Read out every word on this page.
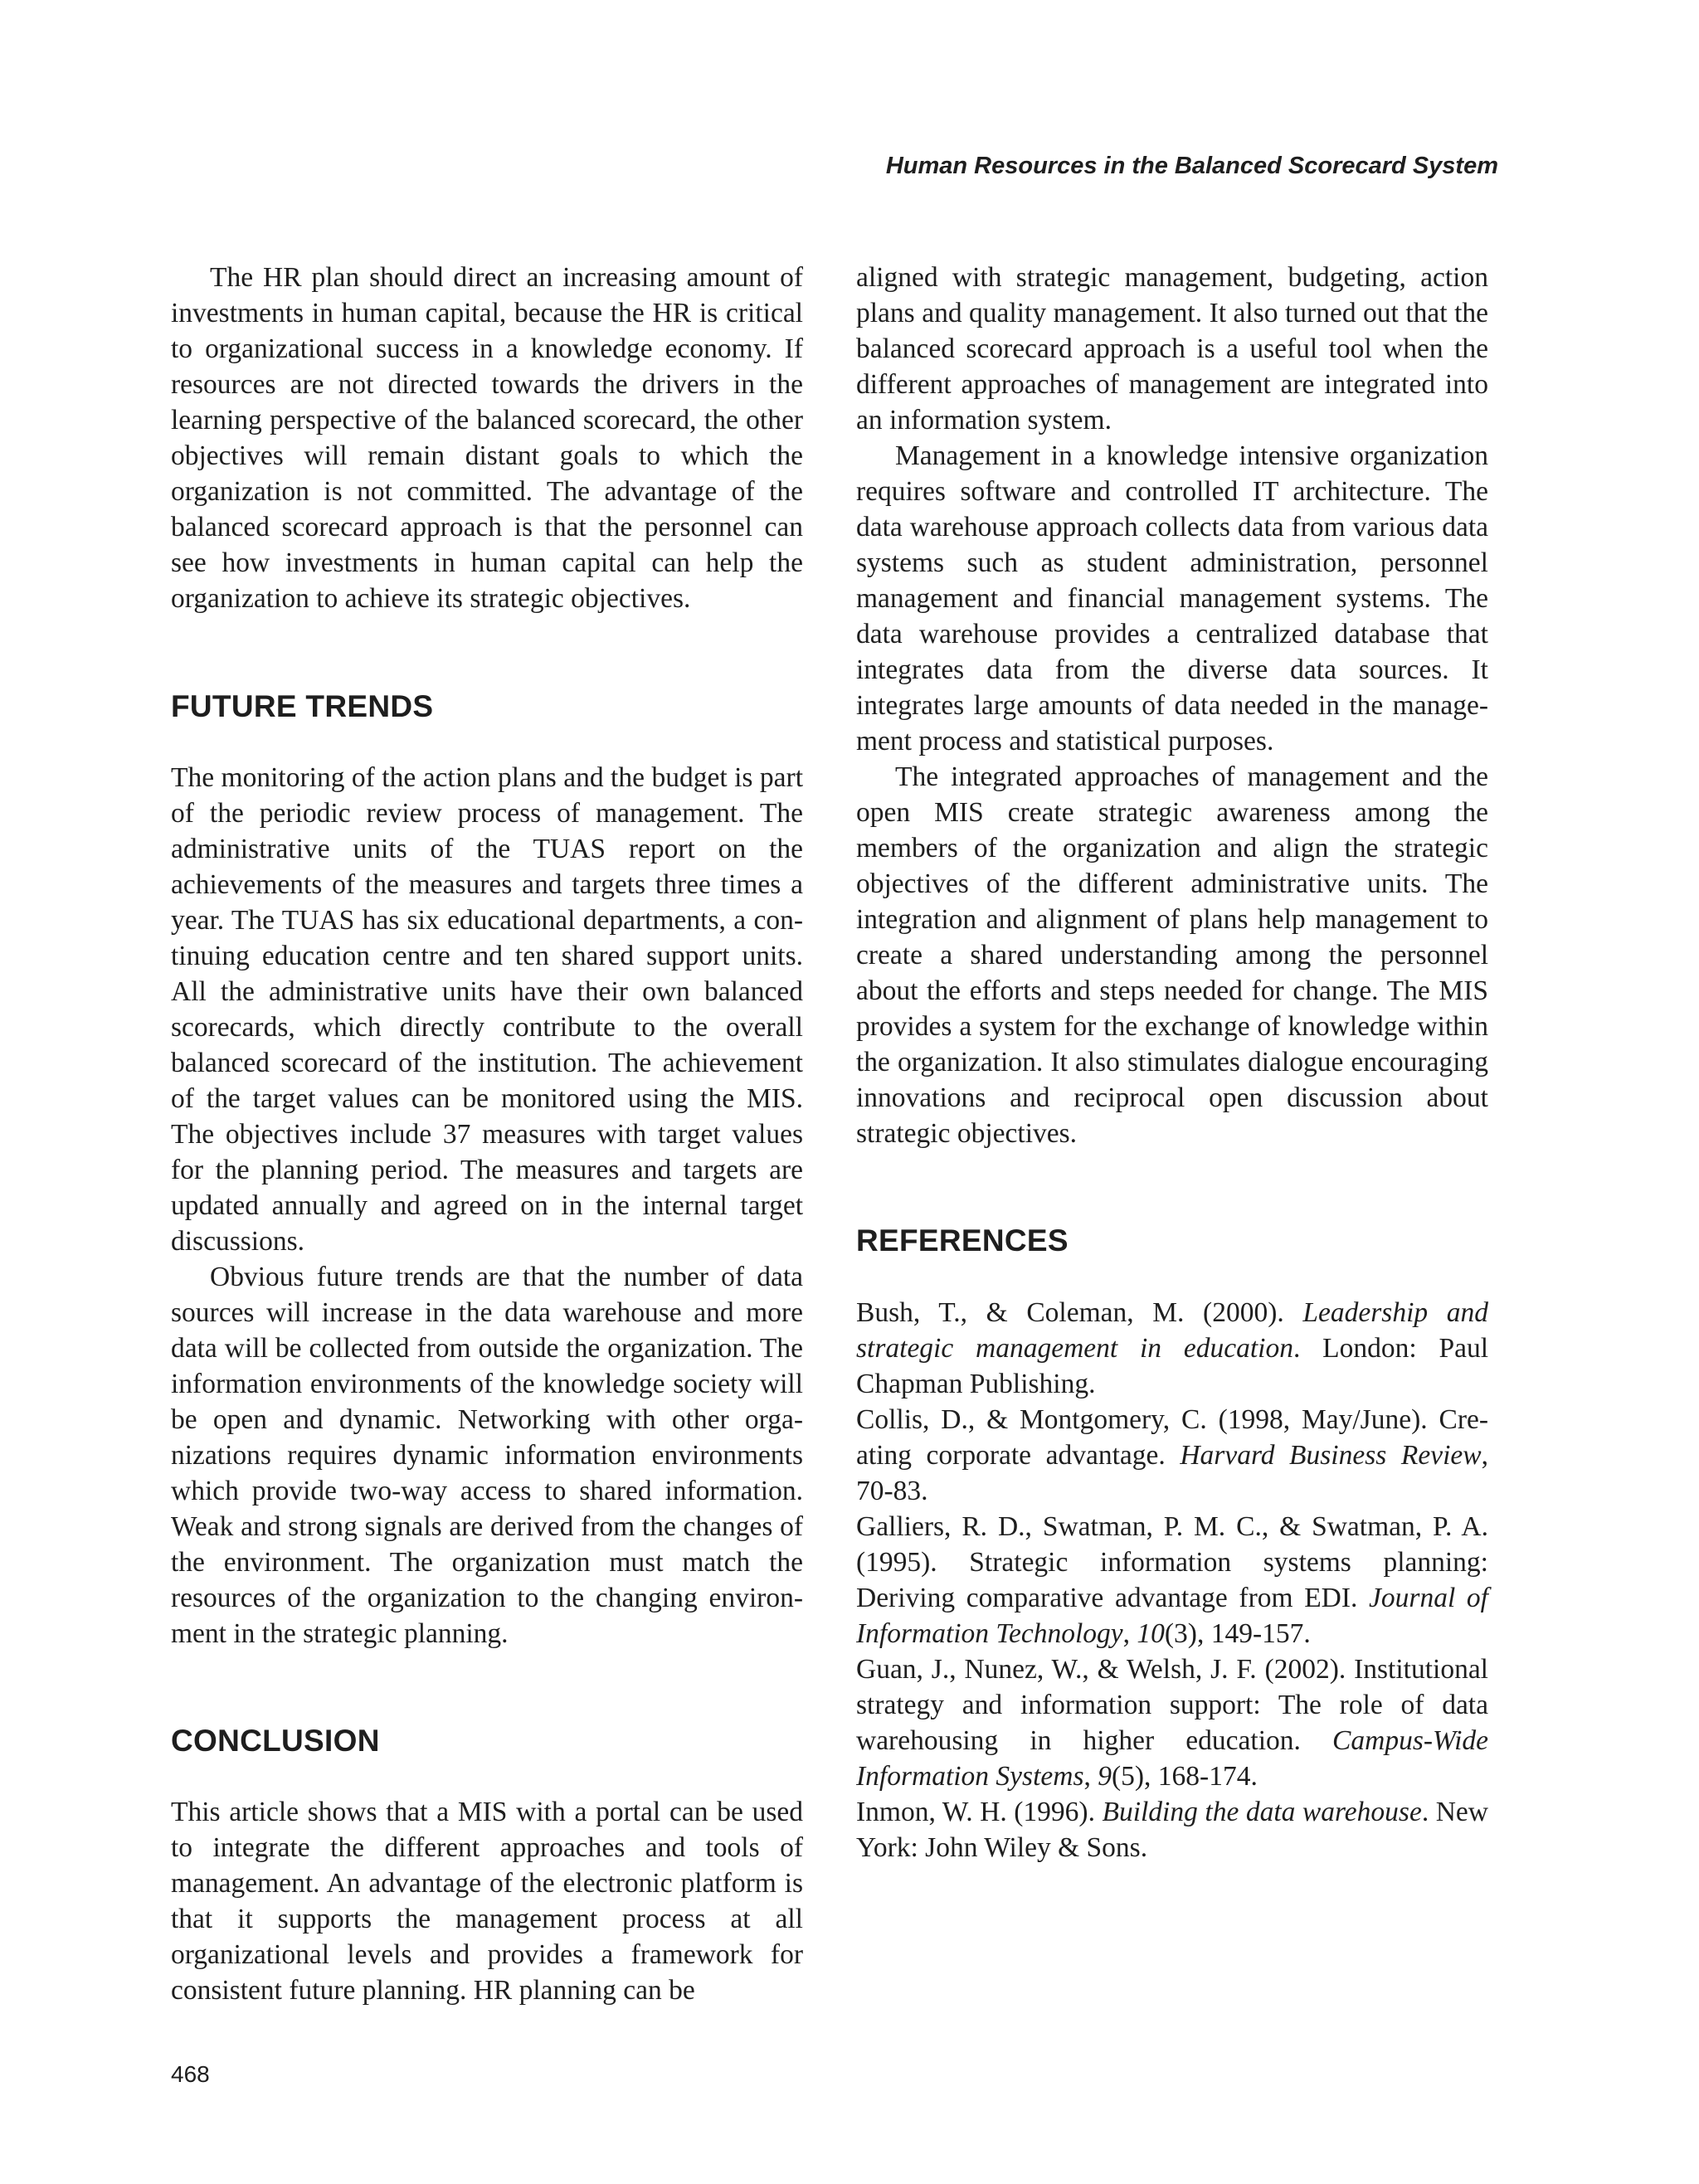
Human Resources in the Balanced Scorecard System

The HR plan should direct an increasing amount of investments in human capital, because the HR is critical to organizational success in a knowledge economy. If resources are not directed towards the drivers in the learning perspective of the balanced scorecard, the other objectives will remain distant goals to which the organization is not committed. The advantage of the balanced scorecard approach is that the personnel can see how investments in human capital can help the organization to achieve its strategic objectives.

FUTURE TRENDS

The monitoring of the action plans and the budget is part of the periodic review process of management. The administrative units of the TUAS report on the achievements of the measures and targets three times a year. The TUAS has six educational departments, a continuing education centre and ten shared support units. All the administrative units have their own balanced scorecards, which directly contribute to the overall balanced scorecard of the institution. The achievement of the target values can be monitored using the MIS. The objectives include 37 measures with target values for the planning period. The measures and targets are updated annually and agreed on in the internal target discussions.

Obvious future trends are that the number of data sources will increase in the data warehouse and more data will be collected from outside the organization. The information environments of the knowledge society will be open and dynamic. Networking with other organizations requires dynamic information environments which provide two-way access to shared information. Weak and strong signals are derived from the changes of the environment. The organization must match the resources of the organization to the changing environment in the strategic planning.

CONCLUSION

This article shows that a MIS with a portal can be used to integrate the different approaches and tools of management. An advantage of the electronic platform is that it supports the management process at all organizational levels and provides a framework for consistent future planning. HR planning can be

aligned with strategic management, budgeting, action plans and quality management. It also turned out that the balanced scorecard approach is a useful tool when the different approaches of management are integrated into an information system.

Management in a knowledge intensive organization requires software and controlled IT architecture. The data warehouse approach collects data from various data systems such as student administration, personnel management and financial management systems. The data warehouse provides a centralized database that integrates data from the diverse data sources. It integrates large amounts of data needed in the management process and statistical purposes.

The integrated approaches of management and the open MIS create strategic awareness among the members of the organization and align the strategic objectives of the different administrative units. The integration and alignment of plans help management to create a shared understanding among the personnel about the efforts and steps needed for change. The MIS provides a system for the exchange of knowledge within the organization. It also stimulates dialogue encouraging innovations and reciprocal open discussion about strategic objectives.

REFERENCES

Bush, T., & Coleman, M. (2000). Leadership and strategic management in education. London: Paul Chapman Publishing.

Collis, D., & Montgomery, C. (1998, May/June). Creating corporate advantage. Harvard Business Review, 70-83.

Galliers, R. D., Swatman, P. M. C., & Swatman, P. A. (1995). Strategic information systems planning: Deriving comparative advantage from EDI. Journal of Information Technology, 10(3), 149-157.

Guan, J., Nunez, W., & Welsh, J. F. (2002). Institutional strategy and information support: The role of data warehousing in higher education. Campus-Wide Information Systems, 9(5), 168-174.

Inmon, W. H. (1996). Building the data warehouse. New York: John Wiley & Sons.

468
